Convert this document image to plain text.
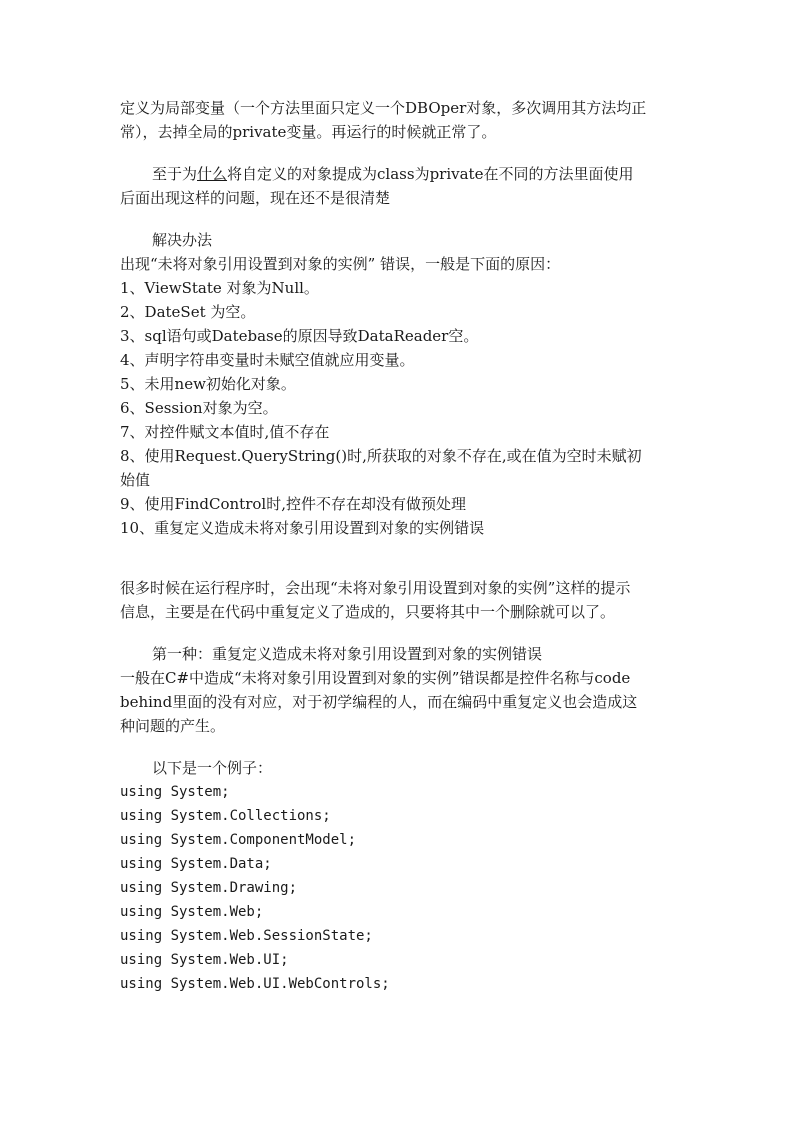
定义为局部变量（一个方法里面只定义一个DBOper对象，多次调用其方法均正

常），去掉全局的private变量。再运行的时候就正常了。

至于为什么将自定义的对象提成为class为private在不同的方法里面使用

后面出现这样的问题，现在还不是很清楚

解决办法

出现“未将对象引用设置到对象的实例” 错误，一般是下面的原因：

1、ViewState 对象为Null。

2、DateSet 为空。

3、sql语句或Datebase的原因导致DataReader空。

4、声明字符串变量时未赋空值就应用变量。

5、未用new初始化对象。

6、Session对象为空。

7、对控件赋文本值时,值不存在

8、使用Request.QueryString()时,所获取的对象不存在,或在值为空时未赋初

始值

9、使用FindControl时,控件不存在却没有做预处理

10、重复定义造成未将对象引用设置到对象的实例错误

很多时候在运行程序时，会出现“未将对象引用设置到对象的实例”这样的提示

信息，主要是在代码中重复定义了造成的，只要将其中一个删除就可以了。

第一种：重复定义造成未将对象引用设置到对象的实例错误

一般在C#中造成“未将对象引用设置到对象的实例”错误都是控件名称与code

behind里面的没有对应，对于初学编程的人，而在编码中重复定义也会造成这

种问题的产生。

以下是一个例子：

using System;

using System.Collections;

using System.ComponentModel;

using System.Data;

using System.Drawing;

using System.Web;

using System.Web.SessionState;

using System.Web.UI;

using System.Web.UI.WebControls;
